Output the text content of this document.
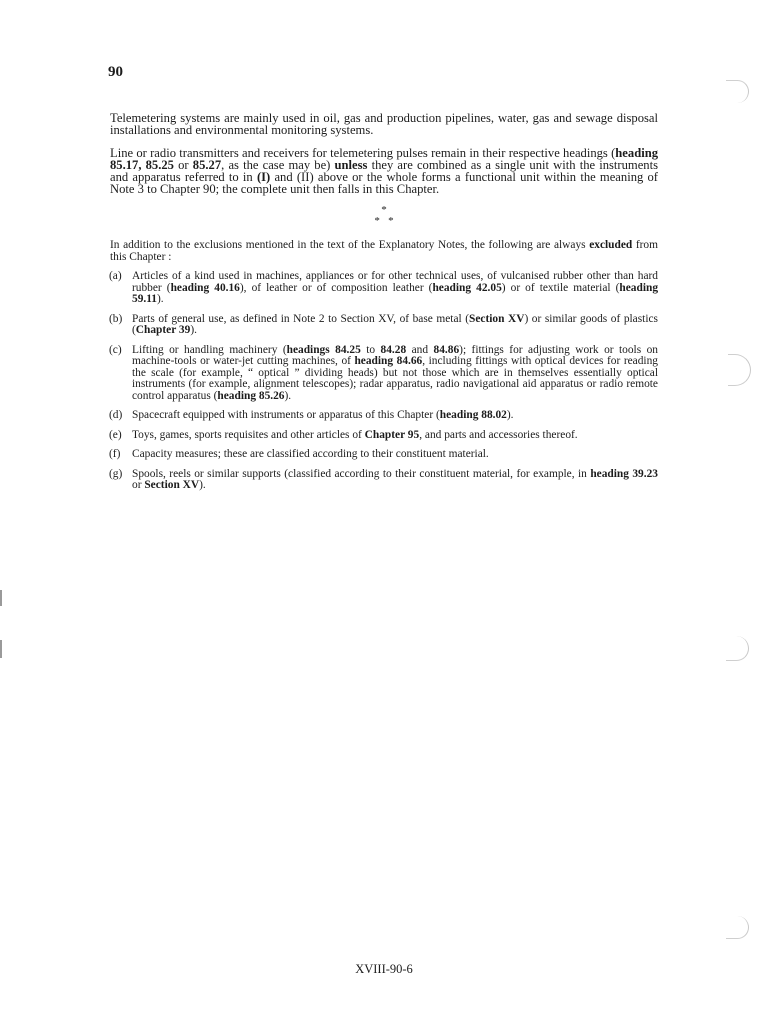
90

Telemetering systems are mainly used in oil, gas and production pipelines, water, gas and sewage disposal installations and environmental monitoring systems.

Line or radio transmitters and receivers for telemetering pulses remain in their respective headings (heading 85.17, 85.25 or 85.27, as the case may be) unless they are combined as a single unit with the instruments and apparatus referred to in (I) and (II) above or the whole forms a functional unit within the meaning of Note 3 to Chapter 90; the complete unit then falls in this Chapter.

*
*   *

In addition to the exclusions mentioned in the text of the Explanatory Notes, the following are always excluded from this Chapter :

(a) Articles of a kind used in machines, appliances or for other technical uses, of vulcanised rubber other than hard rubber (heading 40.16), of leather or of composition leather (heading 42.05) or of textile material (heading 59.11).
(b) Parts of general use, as defined in Note 2 to Section XV, of base metal (Section XV) or similar goods of plastics (Chapter 39).
(c) Lifting or handling machinery (headings 84.25 to 84.28 and 84.86); fittings for adjusting work or tools on machine-tools or water-jet cutting machines, of heading 84.66, including fittings with optical devices for reading the scale (for example, “ optical ” dividing heads) but not those which are in themselves essentially optical instruments (for example, alignment telescopes); radar apparatus, radio navigational aid apparatus or radio remote control apparatus (heading 85.26).
(d) Spacecraft equipped with instruments or apparatus of this Chapter (heading 88.02).
(e) Toys, games, sports requisites and other articles of Chapter 95, and parts and accessories thereof.
(f) Capacity measures; these are classified according to their constituent material.
(g) Spools, reels or similar supports (classified according to their constituent material, for example, in heading 39.23 or Section XV).
XVIII-90-6
